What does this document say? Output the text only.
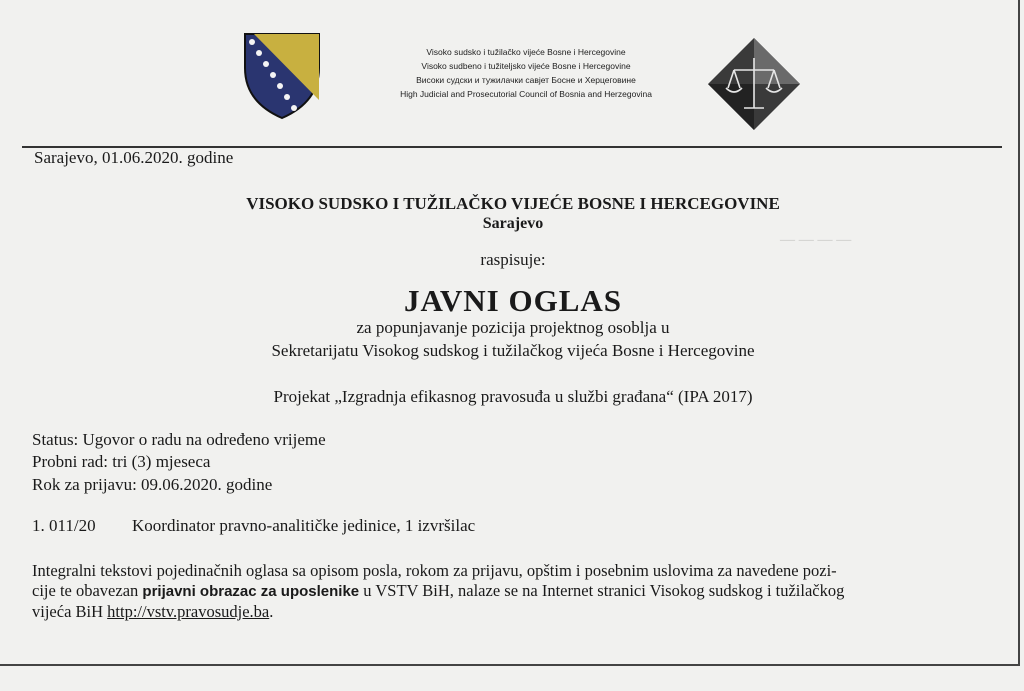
— — — —
Visoko sudsko i tužilačko vijeće Bosne i Hercegovine
Visoko sudbeno i tužiteljsko vijeće Bosne i Hercegovine
Високи судски и тужилачки савјет Босне и Херцеговине
High Judicial and Prosecutorial Council of Bosnia and Herzegovina
Sarajevo, 01.06.2020. godine
VISOKO SUDSKO I TUŽILAČKO VIJEĆE BOSNE I HERCEGOVINE
Sarajevo
raspisuje:
JAVNI OGLAS
za popunjavanje pozicija projektnog osoblja u
Sekretarijatu Visokog sudskog i tužilačkog vijeća Bosne i Hercegovine
Projekat „Izgradnja efikasnog pravosuđa u službi građana“ (IPA 2017)
Status: Ugovor o radu na određeno vrijeme
Probni rad: tri (3) mjeseca
Rok za prijavu: 09.06.2020. godine
1. 011/20 Koordinator pravno-analitičke jedinice, 1 izvršilac
Integralni tekstovi pojedinačnih oglasa sa opisom posla, rokom za prijavu, opštim i posebnim uslovima za navedene pozi-
cije te obavezan prijavni obrazac za uposlenike u VSTV BiH, nalaze se na Internet stranici Visokog sudskog i tužilačkog
vijeća BiH http://vstv.pravosudje.ba.
